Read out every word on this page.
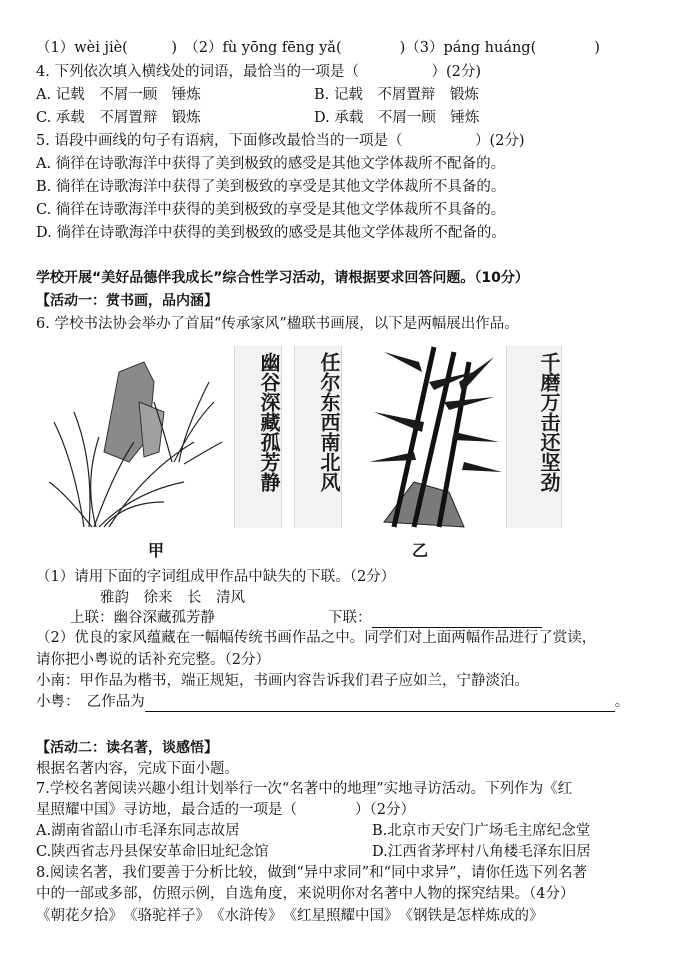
（1）wèi jiè(　　　)　（2）fù yōng fēng yǎ(　　　　)（3）páng huáng(　　　　)
4. 下列依次填入横线处的词语，最恰当的一项是（　　　　　）(2分)
A. 记载　不屑一顾　锤炼	B. 记载　不屑置辩　锻炼
C. 承载　不屑置辩　锻炼	D. 承载　不屑一顾　锤炼
5. 语段中画线的句子有语病，下面修改最恰当的一项是（　　　　　）(2分)
A. 徜徉在诗歌海洋中获得了美到极致的感受是其他文学体裁所不配备的。
B. 徜徉在诗歌海洋中获得了美到极致的享受是其他文学体裁所不具备的。
C. 徜徉在诗歌海洋中获得的美到极致的享受是其他文学体裁所不具备的。
D. 徜徉在诗歌海洋中获得的美到极致的感受是其他文学体裁所不配备的。
学校开展“美好品德伴我成长”综合性学习活动，请根据要求回答问题。（10分）
【活动一：赏书画，品内涵】
6. 学校书法协会举办了首届“传承家风”楹联书画展，以下是两幅展出作品。
幽谷深藏孤芳静	任尔东西南北风	千磨万击还坚劲
甲	乙
（1）请用下面的字词组成甲作品中缺失的下联。（2分）
雅韵　徐来　长　清风
上联：幽谷深藏孤芳静	下联：
（2）优良的家风蕴藏在一幅幅传统书画作品之中。同学们对上面两幅作品进行了赏读，
请你把小粤说的话补充完整。（2分）
小南：甲作品为楷书，端正规矩，书画内容告诉我们君子应如兰，宁静淡泊。
小粤：　乙作品为	。
【活动二：读名著，谈感悟】
根据名著内容，完成下面小题。
7.学校名著阅读兴趣小组计划举行一次“名著中的地理”实地寻访活动。下列作为《红
星照耀中国》寻访地，最合适的一项是（　　　　）（2分）
A.湖南省韶山市毛泽东同志故居	B.北京市天安门广场毛主席纪念堂
C.陕西省志丹县保安革命旧址纪念馆	D.江西省茅坪村八角楼毛泽东旧居
8.阅读名著，我们要善于分析比较，做到“异中求同”和“同中求异”，请你任选下列名著
中的一部或多部，仿照示例，自选角度，来说明你对名著中人物的探究结果。（4分）
《朝花夕拾》　《骆驼祥子》　《水浒传》　《红星照耀中国》　《钢铁是怎样炼成的》
